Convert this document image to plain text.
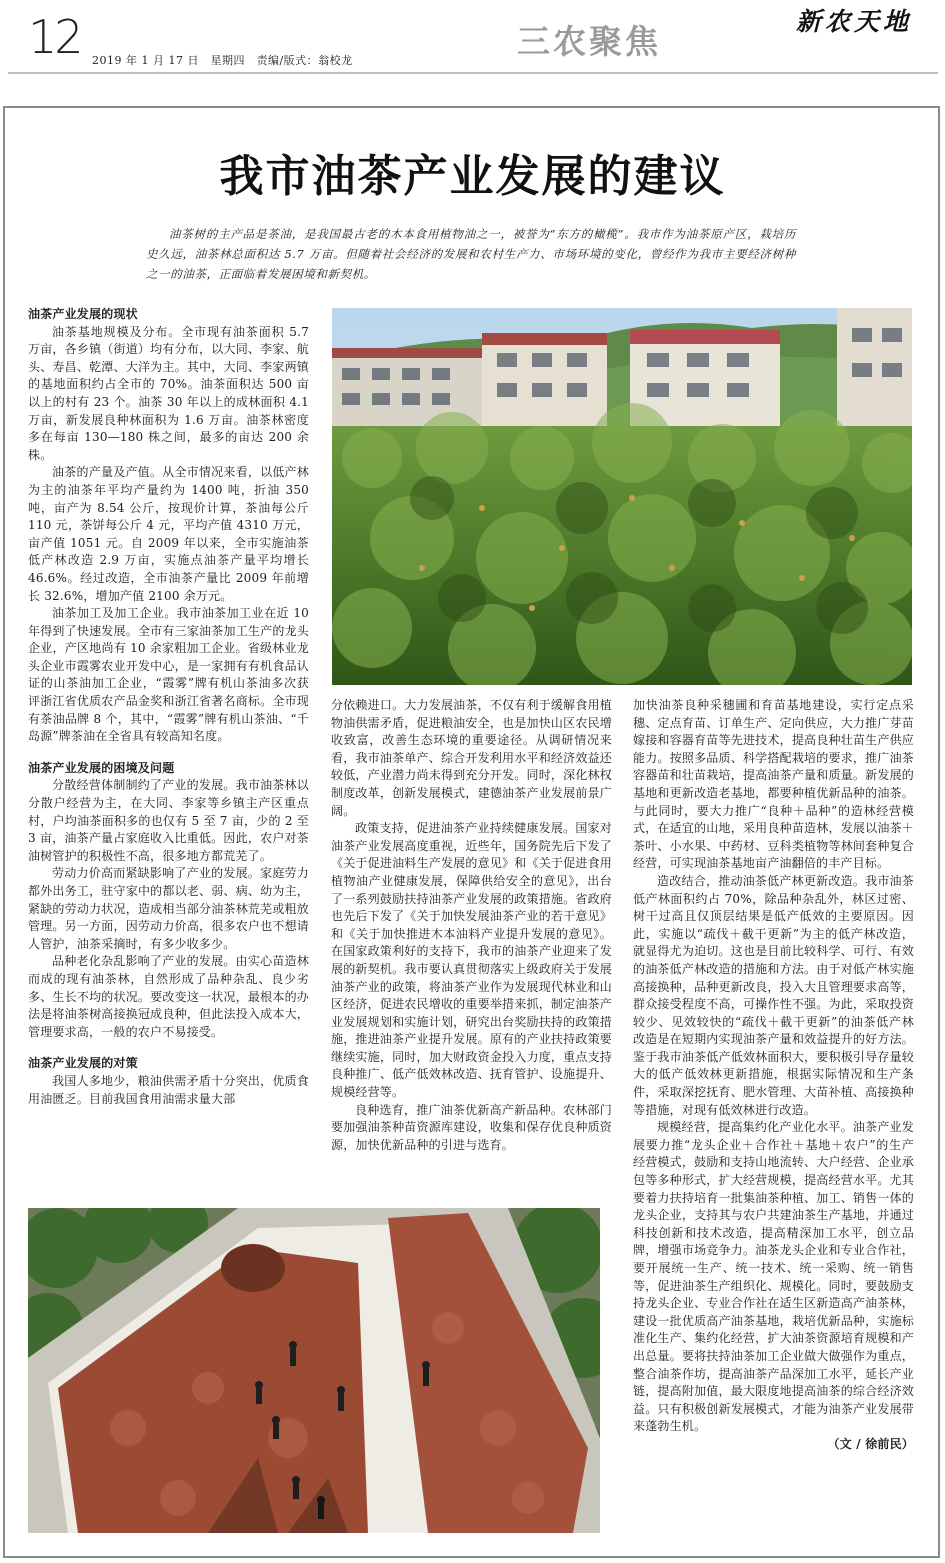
12 2019 年 1 月 17 日　星期四　责编/版式：翁校龙	三农聚焦
新农天地
我市油茶产业发展的建议

油茶树的主产品是茶油，是我国最古老的木本食用植物油之一，被誉为“东方的橄榄”。我市作为油茶原产区，栽培历史久远，油茶林总面积达 5.7 万亩。但随着社会经济的发展和农村生产力、市场环境的变化，曾经作为我市主要经济树种之一的油茶，正面临着发展困境和新契机。

油茶产业发展的现状

油茶基地规模及分布。全市现有油茶面积 5.7 万亩，各乡镇（街道）均有分布，以大同、李家、航头、寿昌、乾潭、大洋为主。其中，大同、李家两镇的基地面积约占全市的 70%。油茶面积达 500 亩以上的村有 23 个。油茶 30 年以上的成林面积 4.1 万亩，新发展良种林面积为 1.6 万亩。油茶林密度多在每亩 130—180 株之间，最多的亩达 200 余株。

油茶的产量及产值。从全市情况来看，以低产林为主的油茶年平均产量约为 1400 吨，折油 350 吨，亩产为 8.54 公斤，按现价计算，茶油每公斤 110 元，茶饼每公斤 4 元，平均产值 4310 万元，亩产值 1051 元。自 2009 年以来，全市实施油茶低产林改造 2.9 万亩，实施点油茶产量平均增长 46.6%。经过改造，全市油茶产量比 2009 年前增长 32.6%，增加产值 2100 余万元。

油茶加工及加工企业。我市油茶加工业在近 10 年得到了快速发展。全市有三家油茶加工生产的龙头企业，产区地尚有 10 余家粗加工企业。省级林业龙头企业市霞雾农业开发中心，是一家拥有有机食品认证的山茶油加工企业，“霞雾”牌有机山茶油多次获评浙江省优质农产品金奖和浙江省著名商标。全市现有茶油品牌 8 个，其中，“霞雾”牌有机山茶油、“千岛源”牌茶油在全省具有较高知名度。

油茶产业发展的困境及问题

分散经营体制制约了产业的发展。我市油茶林以分散户经营为主，在大同、李家等乡镇主产区重点村，户均油茶面积多的也仅有 5 至 7 亩，少的 2 至 3 亩，油茶产量占家庭收入比重低。因此，农户对茶油树管护的积极性不高，很多地方都荒芜了。

劳动力价高而紧缺影响了产业的发展。家庭劳力都外出务工，驻守家中的都以老、弱、病、幼为主，紧缺的劳动力状况，造成相当部分油茶林荒芜或粗放管理。另一方面，因劳动力价高，很多农户也不想请人管护，油茶采摘时，有多少收多少。

品种老化杂乱影响了产业的发展。由实心苗造林而成的现有油茶林，自然形成了品种杂乱、良少劣多、生长不均的状况。要改变这一状况，最根本的办法是将油茶树高接换冠成良种，但此法投入成本大，管理要求高，一般的农户不易接受。

油茶产业发展的对策

我国人多地少，粮油供需矛盾十分突出，优质食用油匮乏。目前我国食用油需求量大部

分依赖进口。大力发展油茶，不仅有利于缓解食用植物油供需矛盾，促进粮油安全，也是加快山区农民增收致富，改善生态环境的重要途径。从调研情况来看，我市油茶单产、综合开发利用水平和经济效益还较低，产业潜力尚未得到充分开发。同时，深化林权制度改革，创新发展模式，建德油茶产业发展前景广阔。

政策支持，促进油茶产业持续健康发展。国家对油茶产业发展高度重视，近些年，国务院先后下发了《关于促进油料生产发展的意见》和《关于促进食用植物油产业健康发展，保障供给安全的意见》，出台了一系列鼓励扶持油茶产业发展的政策措施。省政府也先后下发了《关于加快发展油茶产业的若干意见》和《关于加快推进木本油料产业提升发展的意见》。在国家政策利好的支持下，我市的油茶产业迎来了发展的新契机。我市要认真贯彻落实上级政府关于发展油茶产业的政策，将油茶产业作为发展现代林业和山区经济，促进农民增收的重要举措来抓，制定油茶产业发展规划和实施计划，研究出台奖励扶持的政策措施，推进油茶产业提升发展。原有的产业扶持政策要继续实施，同时，加大财政资金投入力度，重点支持良种推广、低产低效林改造、抚育管护、设施提升、规模经营等。

良种选育，推广油茶优新高产新品种。农林部门要加强油茶种苗资源库建设，收集和保存优良种质资源，加快优新品种的引进与选育。

加快油茶良种采穗圃和育苗基地建设，实行定点采穗、定点育苗、订单生产、定向供应，大力推广芽苗嫁接和容器育苗等先进技术，提高良种壮苗生产供应能力。按照多品质、科学搭配栽培的要求，推广油茶容器苗和壮苗栽培，提高油茶产量和质量。新发展的基地和更新改造老基地，都要种植优新品种的油茶。与此同时，要大力推广“良种＋品种”的造林经营模式，在适宜的山地，采用良种苗造林，发展以油茶＋茶叶、小水果、中药材、豆科类植物等林间套种复合经营，可实现油茶基地亩产油翻倍的丰产目标。

造改结合，推动油茶低产林更新改造。我市油茶低产林面积约占 70%，除品种杂乱外，林区过密、树干过高且仅顶层结果是低产低效的主要原因。因此，实施以“疏伐＋截干更新”为主的低产林改造，就显得尤为迫切。这也是目前比较科学、可行、有效的油茶低产林改造的措施和方法。由于对低产林实施高接换种，品种更新改良，投入大且管理要求高等，群众接受程度不高，可操作性不强。为此，采取投资较少、见效较快的“疏伐＋截干更新”的油茶低产林改造是在短期内实现油茶产量和效益提升的好方法。鉴于我市油茶低产低效林面积大，要积极引导存量较大的低产低效林更新措施，根据实际情况和生产条件，采取深挖抚育、肥水管理、大苗补植、高接换种等措施，对现有低效林进行改造。

规模经营，提高集约化产业化水平。油茶产业发展要力推“龙头企业＋合作社＋基地＋农户”的生产经营模式，鼓励和支持山地流转、大户经营、企业承包等多种形式，扩大经营规模，提高经营水平。尤其要着力扶持培育一批集油茶种植、加工、销售一体的龙头企业，支持其与农户共建油茶生产基地，并通过科技创新和技术改造，提高精深加工水平，创立品牌，增强市场竞争力。油茶龙头企业和专业合作社，要开展统一生产、统一技术、统一采购、统一销售等，促进油茶生产组织化、规模化。同时，要鼓励支持龙头企业、专业合作社在适生区新造高产油茶林，建设一批优质高产油茶基地，栽培优新品种，实施标准化生产、集约化经营，扩大油茶资源培育规模和产出总量。要将扶持油茶加工企业做大做强作为重点，整合油茶作坊，提高油茶产品深加工水平，延长产业链，提高附加值，最大限度地提高油茶的综合经济效益。只有积极创新发展模式，才能为油茶产业发展带来蓬勃生机。

（文 / 徐前民）
